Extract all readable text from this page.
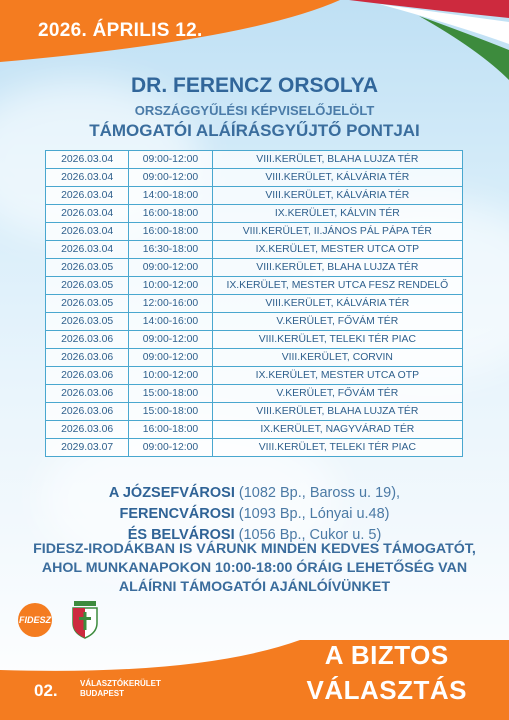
2026. ÁPRILIS 12.
DR. FERENCZ ORSOLYA
ORSZÁGGYŰLÉSI KÉPVISELŐJELÖLT
TÁMOGATÓI ALÁÍRÁSGYŰJTŐ PONTJAI
2026.03.04	09:00-12:00	VIII.KERÜLET, BLAHA LUJZA TÉR
2026.03.04	09:00-12:00	VIII.KERÜLET, KÁLVÁRIA TÉR
2026.03.04	14:00-18:00	VIII.KERÜLET, KÁLVÁRIA TÉR
2026.03.04	16:00-18:00	IX.KERÜLET, KÁLVIN TÉR
2026.03.04	16:00-18:00	VIII.KERÜLET, II.JÁNOS PÁL PÁPA TÉR
2026.03.04	16:30-18:00	IX.KERÜLET, MESTER UTCA OTP
2026.03.05	09:00-12:00	VIII.KERÜLET, BLAHA LUJZA TÉR
2026.03.05	10:00-12:00	IX.KERÜLET, MESTER UTCA FESZ RENDELŐ
2026.03.05	12:00-16:00	VIII.KERÜLET, KÁLVÁRIA TÉR
2026.03.05	14:00-16:00	V.KERÜLET, FŐVÁM TÉR
2026.03.06	09:00-12:00	VIII.KERÜLET, TELEKI TÉR PIAC
2026.03.06	09:00-12:00	VIII.KERÜLET, CORVIN
2026.03.06	10:00-12:00	IX.KERÜLET, MESTER UTCA OTP
2026.03.06	15:00-18:00	V.KERÜLET, FŐVÁM TÉR
2026.03.06	15:00-18:00	VIII.KERÜLET, BLAHA LUJZA TÉR
2026.03.06	16:00-18:00	IX.KERÜLET, NAGYVÁRAD TÉR
2029.03.07	09:00-12:00	VIII.KERÜLET, TELEKI TÉR PIAC
A JÓZSEFVÁROSI (1082 Bp., Baross u. 19),
FERENCVÁROSI (1093 Bp., Lónyai u.48)
ÉS BELVÁROSI (1056 Bp., Cukor u. 5)
FIDESZ-IRODÁKBAN IS VÁRUNK MINDEN KEDVES TÁMOGATÓT,
AHOL MUNKANAPOKON 10:00-18:00 ÓRÁIG LEHETŐSÉG VAN
ALÁÍRNI TÁMOGATÓI AJÁNLÓÍVÜNKET
FIDESZ
02.	VÁLASZTÓKERÜLET
BUDAPEST
A BIZTOS
VÁLASZTÁS
